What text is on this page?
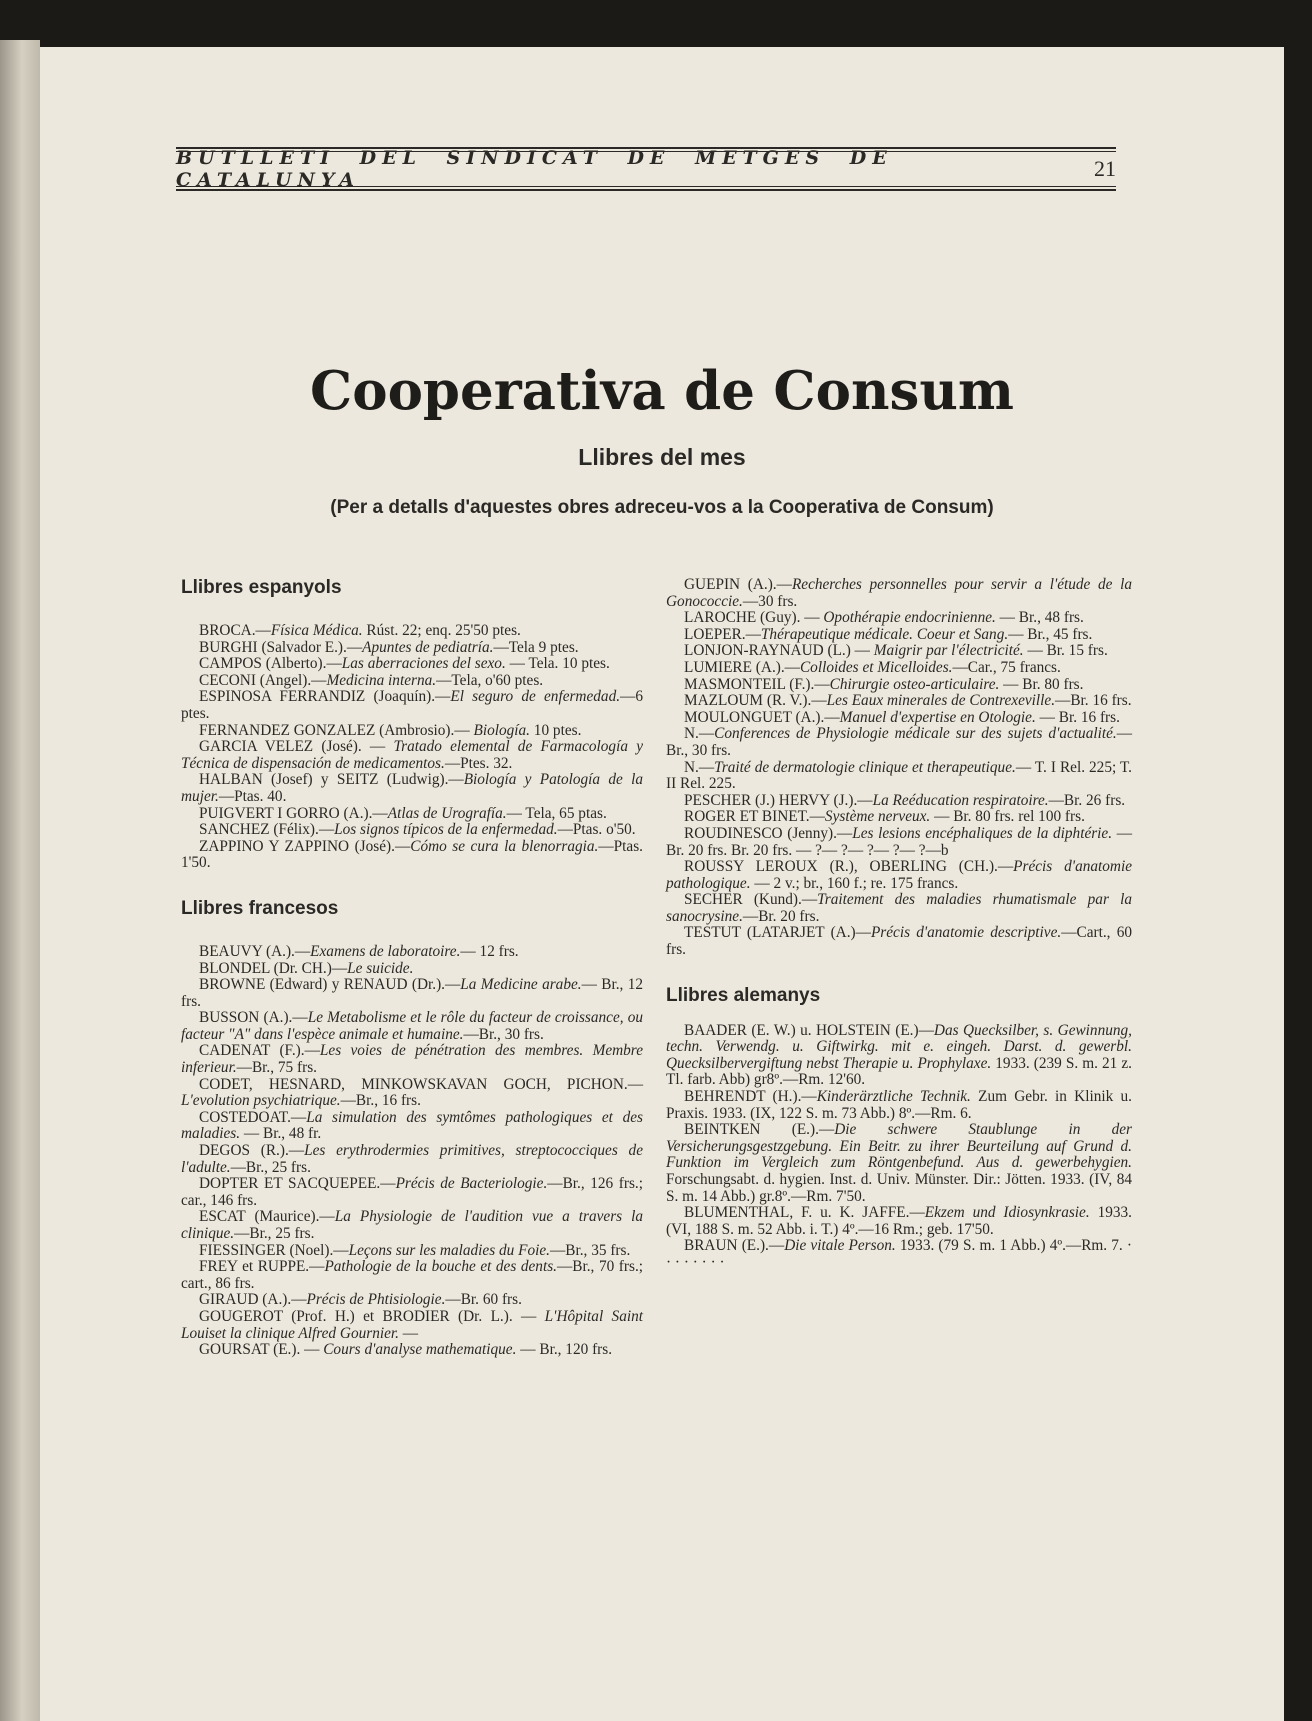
BUTLLETI DEL SINDICAT DE METGES DE CATALUNYA	21
Cooperativa de Consum
Llibres del mes
(Per a detalls d'aquestes obres adreceu-vos a la Cooperativa de Consum)
Llibres espanyols

BROCA.—Física Médica. Rúst. 22; enq. 25'50 ptes.

BURGHI (Salvador E.).—Apuntes de pediatría.—Tela 9 ptes.

CAMPOS (Alberto).—Las aberraciones del sexo. — Tela. 10 ptes.

CECONI (Angel).—Medicina interna.—Tela, o'60 ptes.

ESPINOSA FERRANDIZ (Joaquín).—El seguro de enfermedad.—6 ptes.

FERNANDEZ GONZALEZ (Ambrosio).— Biología. 10 ptes.

GARCIA VELEZ (José). — Tratado elemental de Farmacología y Técnica de dispensación de medicamentos.—Ptes. 32.

HALBAN (Josef) y SEITZ (Ludwig).—Biología y Patología de la mujer.—Ptas. 40.

PUIGVERT I GORRO (A.).—Atlas de Urografía.— Tela, 65 ptas.

SANCHEZ (Félix).—Los signos típicos de la enfermedad.—Ptas. o'50.

ZAPPINO Y ZAPPINO (José).—Cómo se cura la blenorragia.—Ptas. 1'50.

Llibres francesos

BEAUVY (A.).—Examens de laboratoire.— 12 frs.

BLONDEL (Dr. CH.)—Le suicide.

BROWNE (Edward) y RENAUD (Dr.).—La Medicine arabe.— Br., 12 frs.

BUSSON (A.).—Le Metabolisme et le rôle du facteur de croissance, ou facteur "A" dans l'espèce animale et humaine.—Br., 30 frs.

CADENAT (F.).—Les voies de pénétration des membres. Membre inferieur.—Br., 75 frs.

CODET, HESNARD, MINKOWSKAVAN GOCH, PICHON.—L'evolution psychiatrique.—Br., 16 frs.

COSTEDOAT.—La simulation des symtômes pathologiques et des maladies. — Br., 48 fr.

DEGOS (R.).—Les erythrodermies primitives, streptococciques de l'adulte.—Br., 25 frs.

DOPTER ET SACQUEPEE.—Précis de Bacteriologie.—Br., 126 frs.; car., 146 frs.

ESCAT (Maurice).—La Physiologie de l'audition vue a travers la clinique.—Br., 25 frs.

FIESSINGER (Noel).—Leçons sur les maladies du Foie.—Br., 35 frs.

FREY et RUPPE.—Pathologie de la bouche et des dents.—Br., 70 frs.; cart., 86 frs.

GIRAUD (A.).—Précis de Phtisiologie.—Br. 60 frs.

GOUGEROT (Prof. H.) et BRODIER (Dr. L.). — L'Hôpital Saint Louiset la clinique Alfred Gournier. —

GOURSAT (E.). — Cours d'analyse mathematique. — Br., 120 frs.

GUEPIN (A.).—Recherches personnelles pour servir a l'étude de la Gonococcie.—30 frs.

LAROCHE (Guy). — Opothérapie endocrinienne. — Br., 48 frs.

LOEPER.—Thérapeutique médicale. Coeur et Sang.— Br., 45 frs.

LONJON-RAYNAUD (L.) — Maigrir par l'électricité. — Br. 15 frs.

LUMIERE (A.).—Colloides et Micelloides.—Car., 75 francs.

MASMONTEIL (F.).—Chirurgie osteo-articulaire. — Br. 80 frs.

MAZLOUM (R. V.).—Les Eaux minerales de Contrexeville.—Br. 16 frs.

MOULONGUET (A.).—Manuel d'expertise en Otologie. — Br. 16 frs.

N.—Conferences de Physiologie médicale sur des sujets d'actualité.—Br., 30 frs.

N.—Traité de dermatologie clinique et therapeutique.— T. I Rel. 225; T. II Rel. 225.

PESCHER (J.) HERVY (J.).—La Reéducation respiratoire.—Br. 26 frs.

ROGER ET BINET.—Système nerveux. — Br. 80 frs. rel 100 frs.

ROUDINESCO (Jenny).—Les lesions encéphaliques de la diphtérie. — Br. 20 frs. Br. 20 frs. — ?— ?— ?— ?— ?—b

ROUSSY LEROUX (R.), OBERLING (CH.).—Précis d'anatomie pathologique. — 2 v.; br., 160 f.; re. 175 francs.

SECHER (Kund).—Traitement des maladies rhumatismale par la sanocrysine.—Br. 20 frs.

TESTUT (LATARJET (A.)—Précis d'anatomie descriptive.—Cart., 60 frs.

Llibres alemanys

BAADER (E. W.) u. HOLSTEIN (E.)—Das Quecksilber, s. Gewinnung, techn. Verwendg. u. Giftwirkg. mit e. eingeh. Darst. d. gewerbl. Quecksilbervergiftung nebst Therapie u. Prophylaxe. 1933. (239 S. m. 21 z. Tl. farb. Abb) gr8º.—Rm. 12'60.

BEHRENDT (H.).—Kinderärztliche Technik. Zum Gebr. in Klinik u. Praxis. 1933. (IX, 122 S. m. 73 Abb.) 8º.—Rm. 6.

BEINTKEN (E.).—Die schwere Staublunge in der Versicherungsgestzgebung. Ein Beitr. zu ihrer Beurteilung auf Grund d. Funktion im Vergleich zum Röntgenbefund. Aus d. gewerbehygien. Forschungsabt. d. hygien. Inst. d. Univ. Münster. Dir.: Jötten. 1933. (IV, 84 S. m. 14 Abb.) gr.8º.—Rm. 7'50.

BLUMENTHAL, F. u. K. JAFFE.—Ekzem und Idiosynkrasie. 1933. (VI, 188 S. m. 52 Abb. i. T.) 4º.—16 Rm.; geb. 17'50.

BRAUN (E.).—Die vitale Person. 1933. (79 S. m. 1 Abb.) 4º.—Rm. 7. · · · · · · · ·
